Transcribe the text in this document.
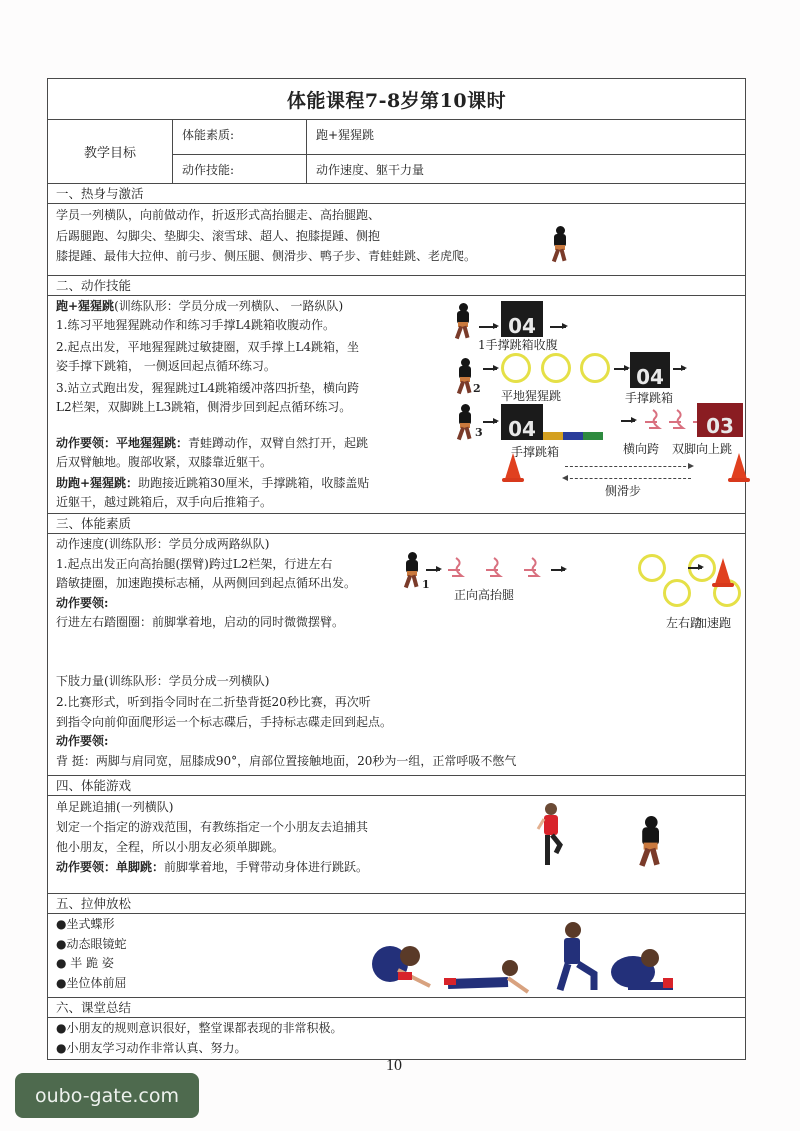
体能课程7-8岁第10课时
教学目标
体能素质:	跑+猩猩跳
动作技能:	动作速度、躯干力量
一、热身与激活
学员一列横队，向前做动作，折返形式高抬腿走、高抬腿跑、
后踢腿跑、勾脚尖、垫脚尖、滚雪球、超人、抱膝提踵、侧抱
膝提踵、最伟大拉伸、前弓步、侧压腿、侧滑步、鸭子步、青蛙蛙跳、老虎爬。
二、动作技能
跑+猩猩跳(训练队形：学员分成一列横队、 一路纵队)
1.练习平地猩猩跳动作和练习手撑L4跳箱收腹动作。
2.起点出发，平地猩猩跳过敏捷圈，双手撑上L4跳箱，坐
姿手撑下跳箱， 一侧返回起点循环练习。
3.站立式跑出发，猩猩跳过L4跳箱缓冲落四折垫，横向跨
L2栏架，双脚跳上L3跳箱，侧滑步回到起点循环练习。
动作要领：平地猩猩跳：青蛙蹲动作，双臂自然打开，起跳
后双臂触地。腹部收紧，双膝靠近躯干。
助跑+猩猩跳：助跑接近跳箱30厘米，手撑跳箱，收膝盖贴
近躯干，越过跳箱后，双手向后推箱子。
04
1手撑跳箱收腹
2	04
平地猩猩跳	手撑跳箱
3	04	03
手撑跳箱	横向跨 双脚向上跳
侧滑步
三、体能素质
动作速度(训练队形：学员分成两路纵队)
1.起点出发正向高抬腿(摆臂)跨过L2栏架，行进左右
踏敏捷圈，加速跑摸标志桶，从两侧回到起点循环出发。
动作要领:
行进左右踏圈圈：前脚掌着地，启动的同时微微摆臂。
下肢力量(训练队形：学员分成一列横队)
2.比赛形式，听到指令同时在二折垫背挺20秒比赛，再次听
到指令向前仰面爬形运一个标志碟后，手持标志碟走回到起点。
动作要领:
背 挺：两脚与肩同宽，屈膝成90°，肩部位置接触地面，20秒为一组，正常呼吸不憋气
1
正向高抬腿
左右踏
加速跑
四、体能游戏
单足跳追捕(一列横队)
划定一个指定的游戏范围，有教练指定一个小朋友去追捕其
他小朋友，全程，所以小朋友必须单脚跳。
动作要领：单脚跳：前脚掌着地，手臂带动身体进行跳跃。
五、拉伸放松
●坐式蝶形
●动态眼镜蛇
● 半 跪 姿
●坐位体前屈
六、课堂总结
●小朋友的规则意识很好，整堂课都表现的非常积极。
●小朋友学习动作非常认真、努力。
10
oubo-gate.com
